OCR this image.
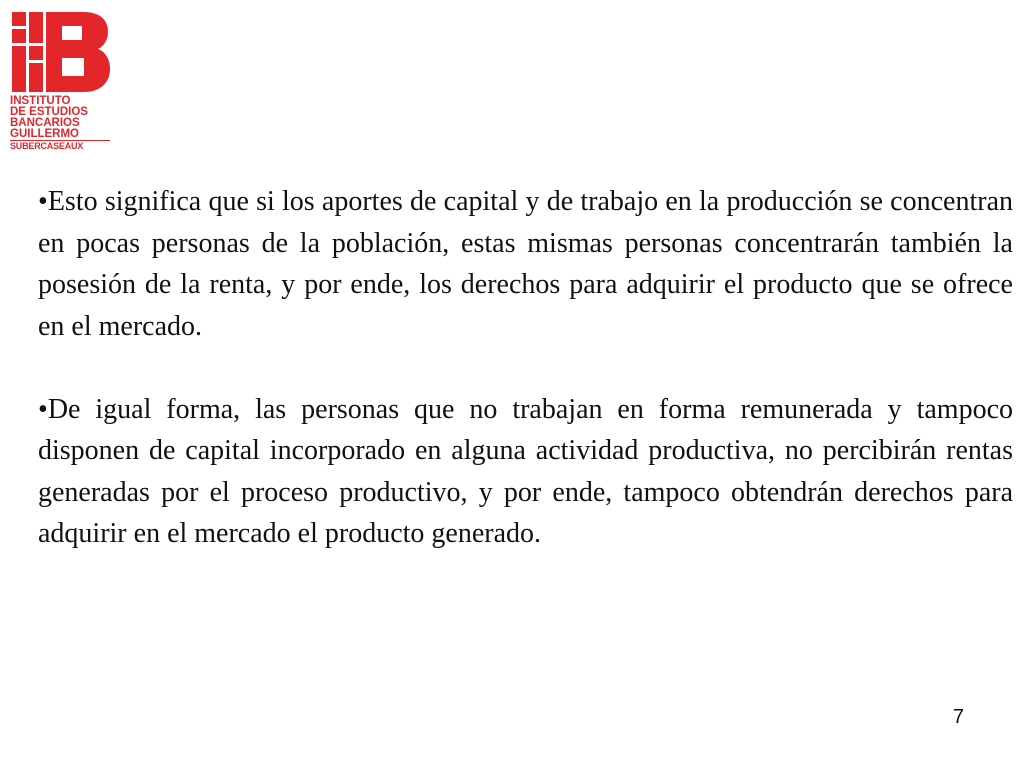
INSTITUTO
DE ESTUDIOS
BANCARIOS
GUILLERMO
SUBERCASEAUX

•Esto significa que si los aportes de capital y de trabajo en la producción se concentran en pocas personas de la población, estas mismas personas concentrarán también la posesión de la renta, y por ende, los derechos para adquirir el producto que se ofrece en el mercado.

•De igual forma, las personas que no trabajan en forma remunerada y tampoco disponen de capital incorporado en alguna actividad productiva, no percibirán rentas generadas por el proceso productivo, y por ende, tampoco obtendrán derechos para adquirir en el mercado el producto generado.

7
